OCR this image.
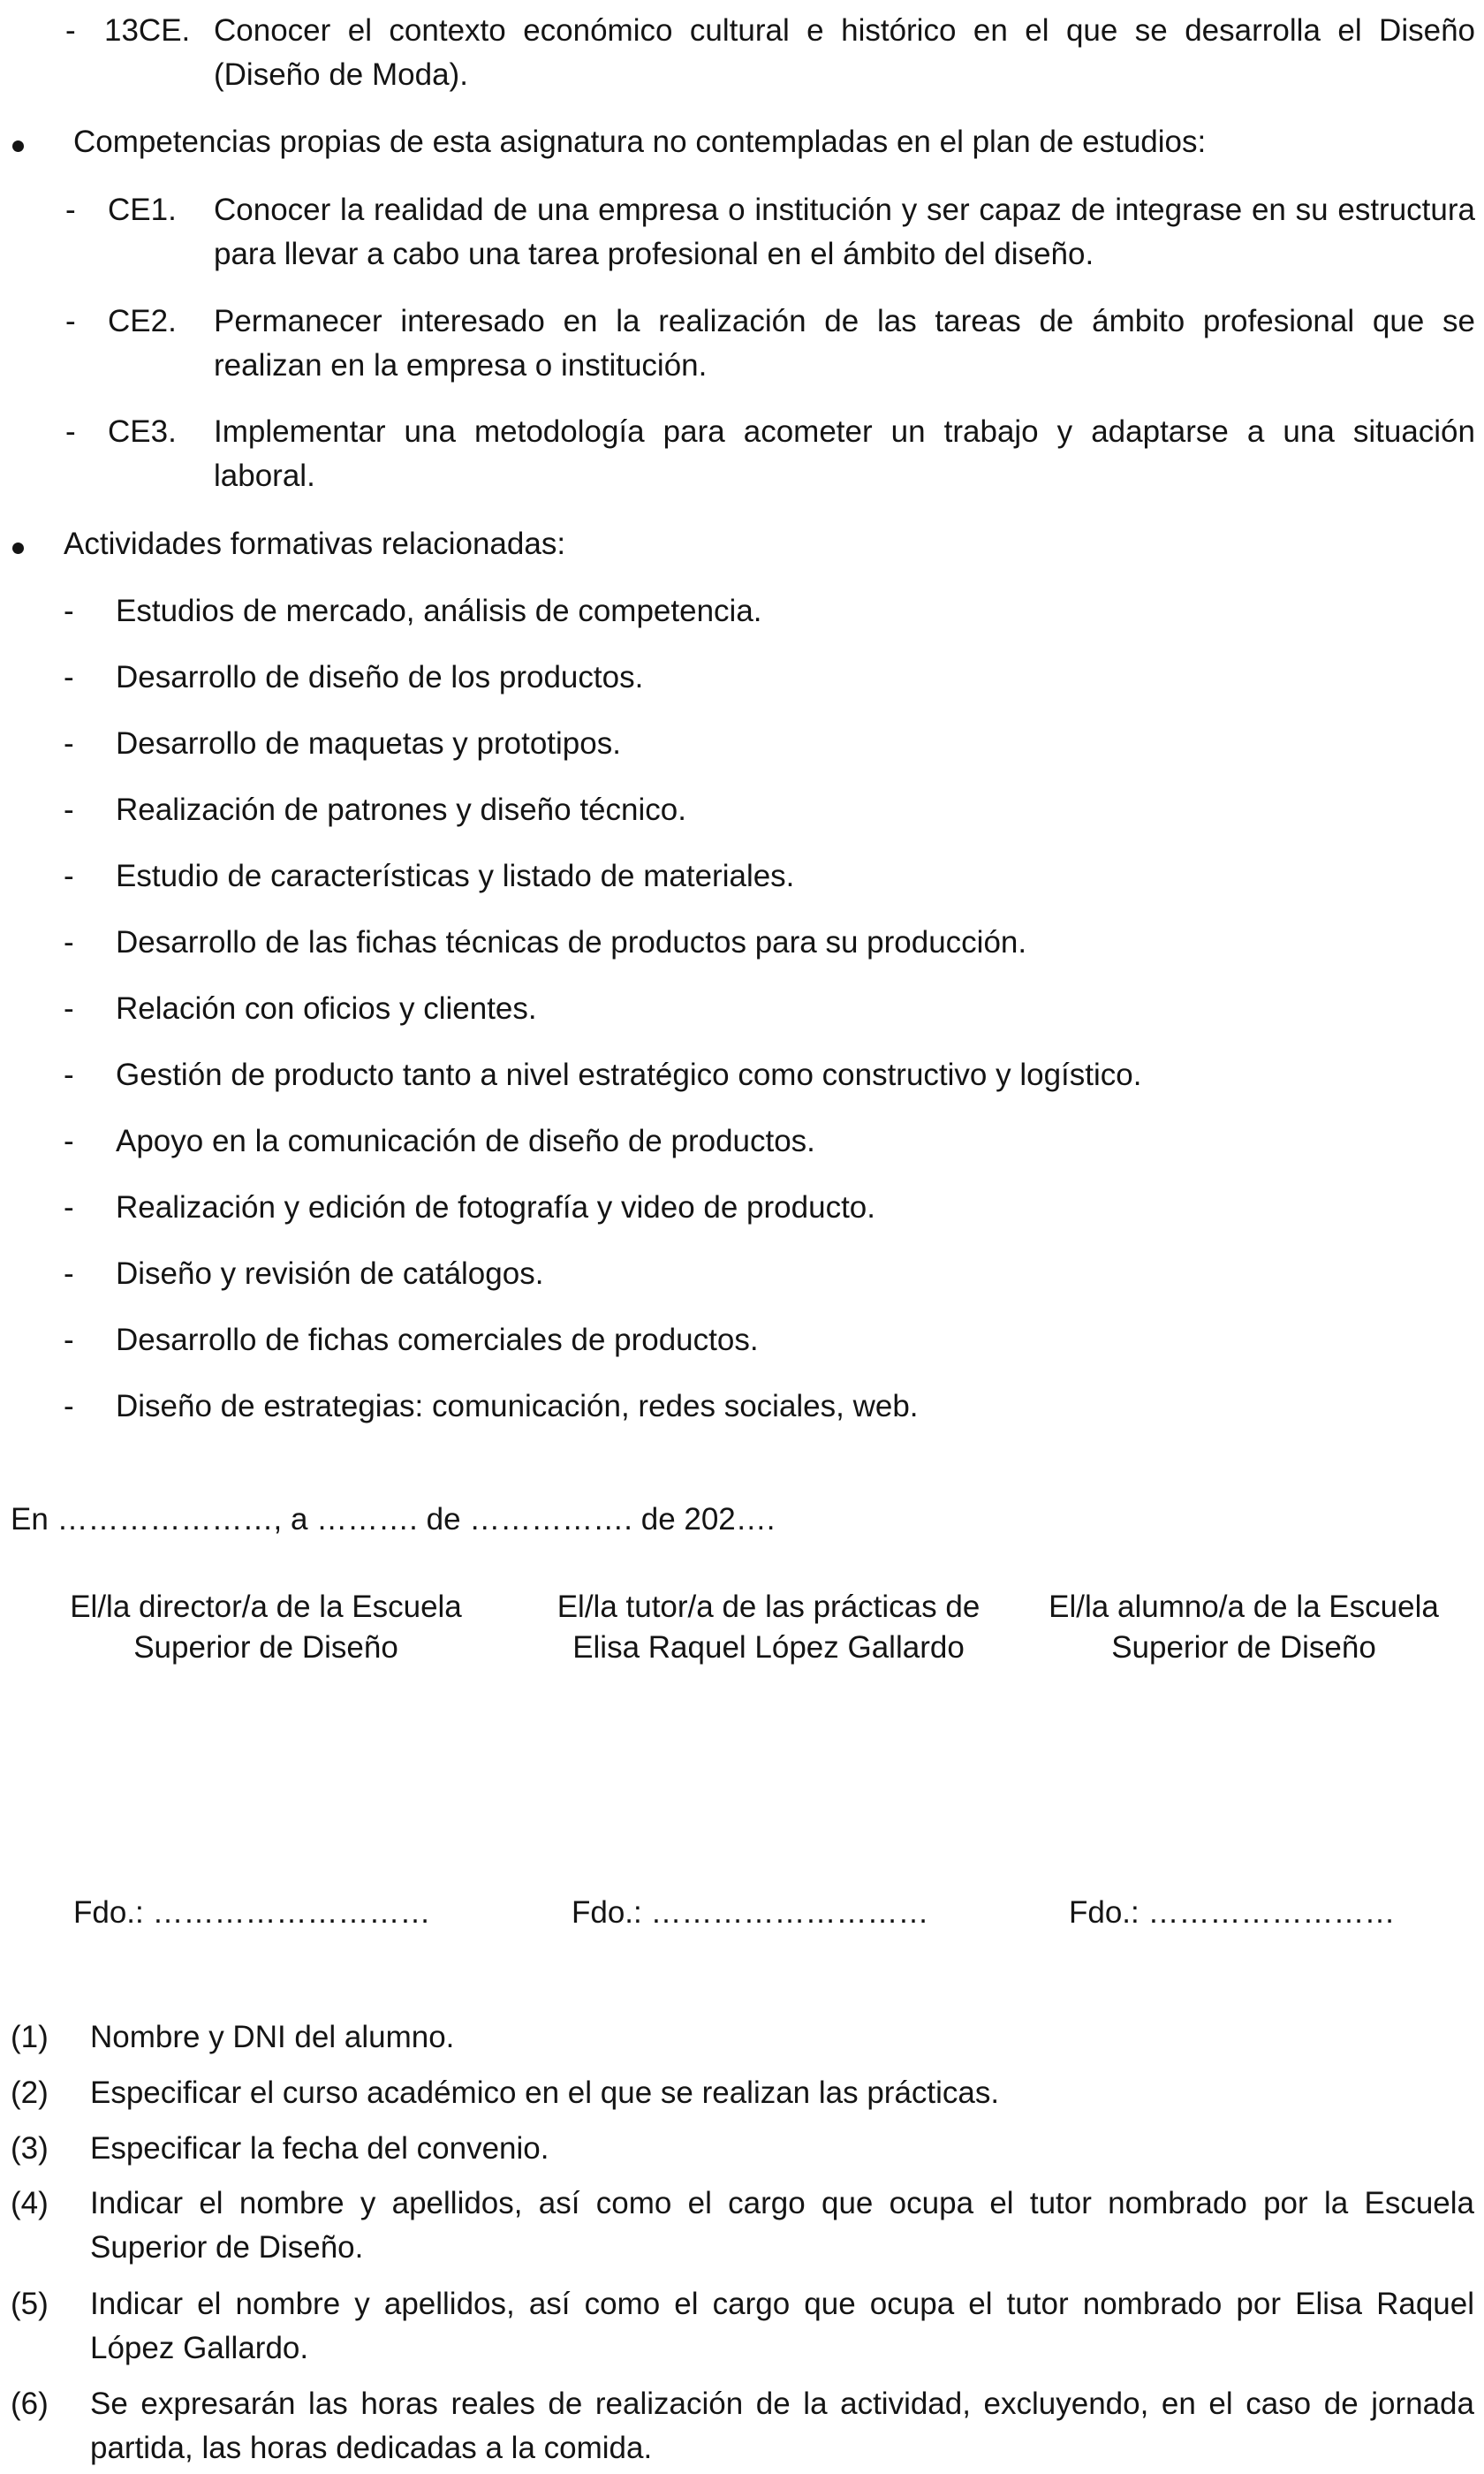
- 13CE. Conocer el contexto económico cultural e histórico en el que se desarrolla el Diseño (Diseño de Moda).
Competencias propias de esta asignatura no contempladas en el plan de estudios:
- CE1. Conocer la realidad de una empresa o institución y ser capaz de integrase en su estructura para llevar a cabo una tarea profesional en el ámbito del diseño.
- CE2. Permanecer interesado en la realización de las tareas de ámbito profesional que se realizan en la empresa o institución.
- CE3. Implementar una metodología para acometer un trabajo y adaptarse a una situación laboral.
Actividades formativas relacionadas:
- Estudios de mercado, análisis de competencia.
- Desarrollo de diseño de los productos.
- Desarrollo de maquetas y prototipos.
- Realización de patrones y diseño técnico.
- Estudio de características y listado de materiales.
- Desarrollo de las fichas técnicas de productos para su producción.
- Relación con oficios y clientes.
- Gestión de producto tanto a nivel estratégico como constructivo y logístico.
- Apoyo en la comunicación de diseño de productos.
- Realización y edición de fotografía y video de producto.
- Diseño y revisión de catálogos.
- Desarrollo de fichas comerciales de productos.
- Diseño de estrategias: comunicación, redes sociales, web.
En …………………, a ………. de ……………. de 202….
El/la director/a de la Escuela
Superior de Diseño
El/la tutor/a de las prácticas de
Elisa Raquel López Gallardo
El/la alumno/a de la Escuela
Superior de Diseño
Fdo.: ………………………	Fdo.: ………………………	Fdo.: ……………………
(1) Nombre y DNI del alumno.
(2) Especificar el curso académico en el que se realizan las prácticas.
(3) Especificar la fecha del convenio.
(4) Indicar el nombre y apellidos, así como el cargo que ocupa el tutor nombrado por la Escuela Superior de Diseño.
(5) Indicar el nombre y apellidos, así como el cargo que ocupa el tutor nombrado por Elisa Raquel López Gallardo.
(6) Se expresarán las horas reales de realización de la actividad, excluyendo, en el caso de jornada partida, las horas dedicadas a la comida.
